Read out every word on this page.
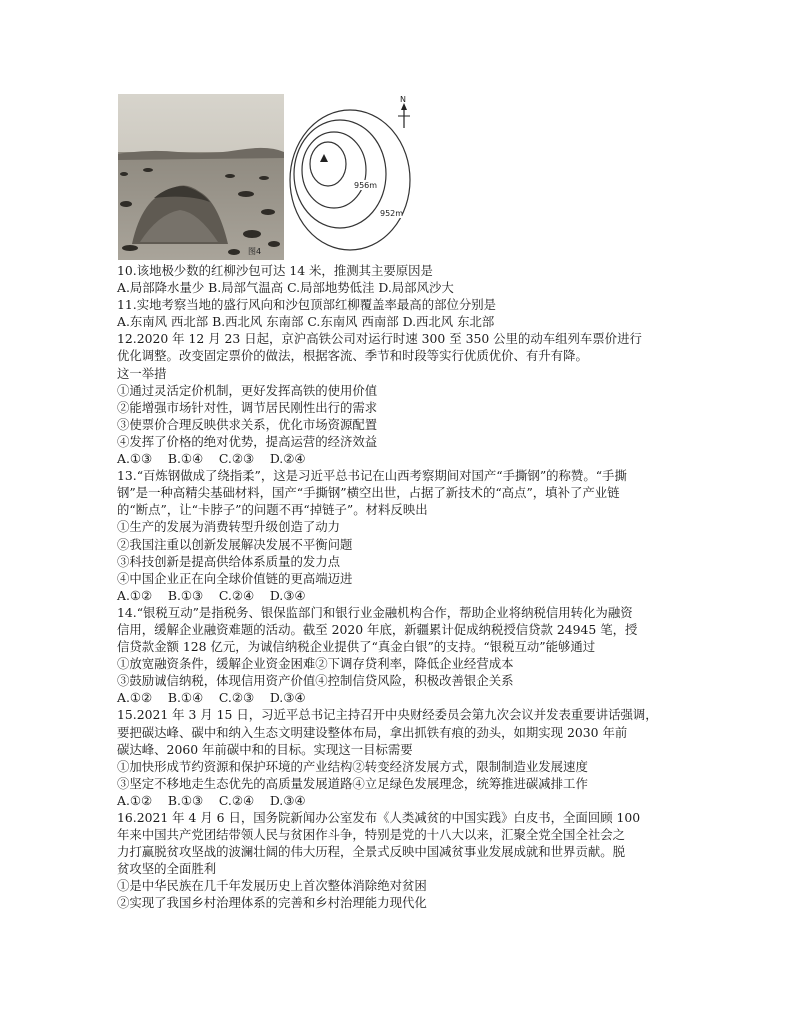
图4
N
956m
952m
10.该地极少数的红柳沙包可达 14 米，推测其主要原因是
A.局部降水量少 B.局部气温高 C.局部地势低洼 D.局部风沙大
11.实地考察当地的盛行风向和沙包顶部红柳覆盖率最高的部位分别是
A.东南风 西北部 B.西北风 东南部 C.东南风 西南部 D.西北风 东北部
12.2020 年 12 月 23 日起，京沪高铁公司对运行时速 300 至 350 公里的动车组列车票价进行
优化调整。改变固定票价的做法，根据客流、季节和时段等实行优质优价、有升有降。
这一举措
①通过灵活定价机制，更好发挥高铁的使用价值
②能增强市场针对性，调节居民刚性出行的需求
③使票价合理反映供求关系，优化市场资源配置
④发挥了价格的绝对优势，提高运营的经济效益
A.①③    B.①④    C.②③    D.②④
13.“百炼钢做成了绕指柔”，这是习近平总书记在山西考察期间对国产“手撕钢”的称赞。“手撕
钢”是一种高精尖基础材料，国产“手撕钢”横空出世，占据了新技术的“高点”，填补了产业链
的“断点”，让“卡脖子”的问题不再“掉链子”。材料反映出
①生产的发展为消费转型升级创造了动力
②我国注重以创新发展解决发展不平衡问题
③科技创新是提高供给体系质量的发力点
④中国企业正在向全球价值链的更高端迈进
A.①②    B.①③    C.②④    D.③④
14.“银税互动”是指税务、银保监部门和银行业金融机构合作，帮助企业将纳税信用转化为融资
信用，缓解企业融资难题的活动。截至 2020 年底，新疆累计促成纳税授信贷款 24945 笔，授
信贷款金额 128 亿元，为诚信纳税企业提供了“真金白银”的支持。“银税互动”能够通过
①放宽融资条件，缓解企业资金困难②下调存贷利率，降低企业经营成本
③鼓励诚信纳税，体现信用资产价值④控制信贷风险，积极改善银企关系
A.①②    B.①④    C.②③    D.③④
15.2021 年 3 月 15 日，习近平总书记主持召开中央财经委员会第九次会议并发表重要讲话强调，
要把碳达峰、碳中和纳入生态文明建设整体布局，拿出抓铁有痕的劲头，如期实现 2030 年前
碳达峰、2060 年前碳中和的目标。实现这一目标需要
①加快形成节约资源和保护环境的产业结构②转变经济发展方式，限制制造业发展速度
③坚定不移地走生态优先的高质量发展道路④立足绿色发展理念，统筹推进碳减排工作
A.①②    B.①③    C.②④    D.③④
16.2021 年 4 月 6 日，国务院新闻办公室发布《人类减贫的中国实践》白皮书，全面回顾 100
年来中国共产党团结带领人民与贫困作斗争，特别是党的十八大以来，汇聚全党全国全社会之
力打赢脱贫攻坚战的波澜壮阔的伟大历程，全景式反映中国减贫事业发展成就和世界贡献。脱
贫攻坚的全面胜利
①是中华民族在几千年发展历史上首次整体消除绝对贫困
②实现了我国乡村治理体系的完善和乡村治理能力现代化
